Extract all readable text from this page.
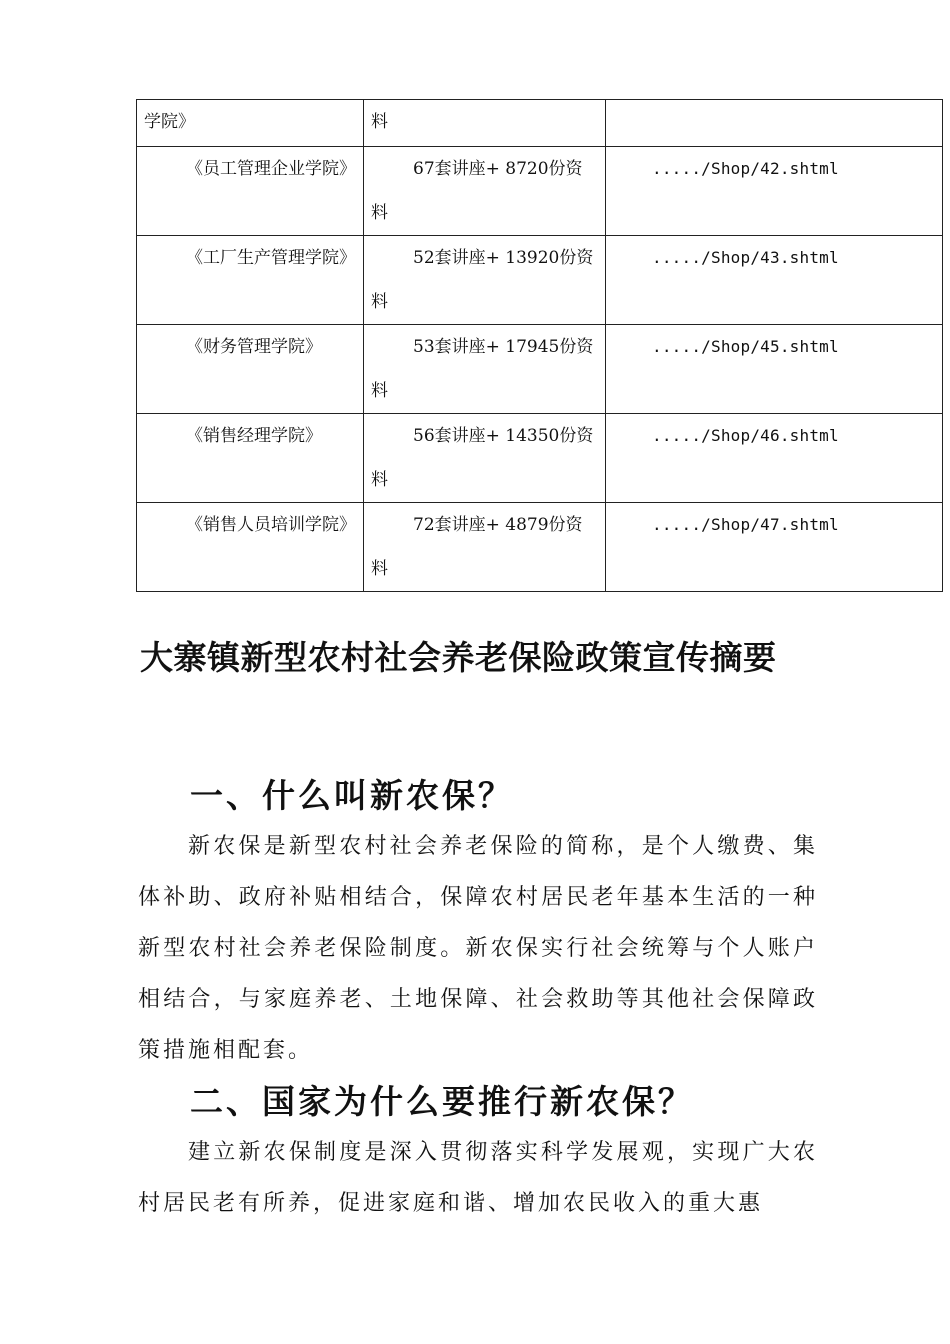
学院》	料	

《员工管理企业学院》	67套讲座+ 8720份资料	...../Shop/42.shtml

《工厂生产管理学院》	52套讲座+ 13920份资料	...../Shop/43.shtml

《财务管理学院》	53套讲座+ 17945份资料	...../Shop/45.shtml

《销售经理学院》	56套讲座+ 14350份资料	...../Shop/46.shtml

《销售人员培训学院》	72套讲座+ 4879份资料	...../Shop/47.shtml
大寨镇新型农村社会养老保险政策宣传摘要
一、什么叫新农保？

新农保是新型农村社会养老保险的简称，是个人缴费、集体补助、政府补贴相结合，保障农村居民老年基本生活的一种新型农村社会养老保险制度。新农保实行社会统筹与个人账户相结合，与家庭养老、土地保障、社会救助等其他社会保障政策措施相配套。

二、国家为什么要推行新农保？

建立新农保制度是深入贯彻落实科学发展观，实现广大农村居民老有所养，促进家庭和谐、增加农民收入的重大惠
